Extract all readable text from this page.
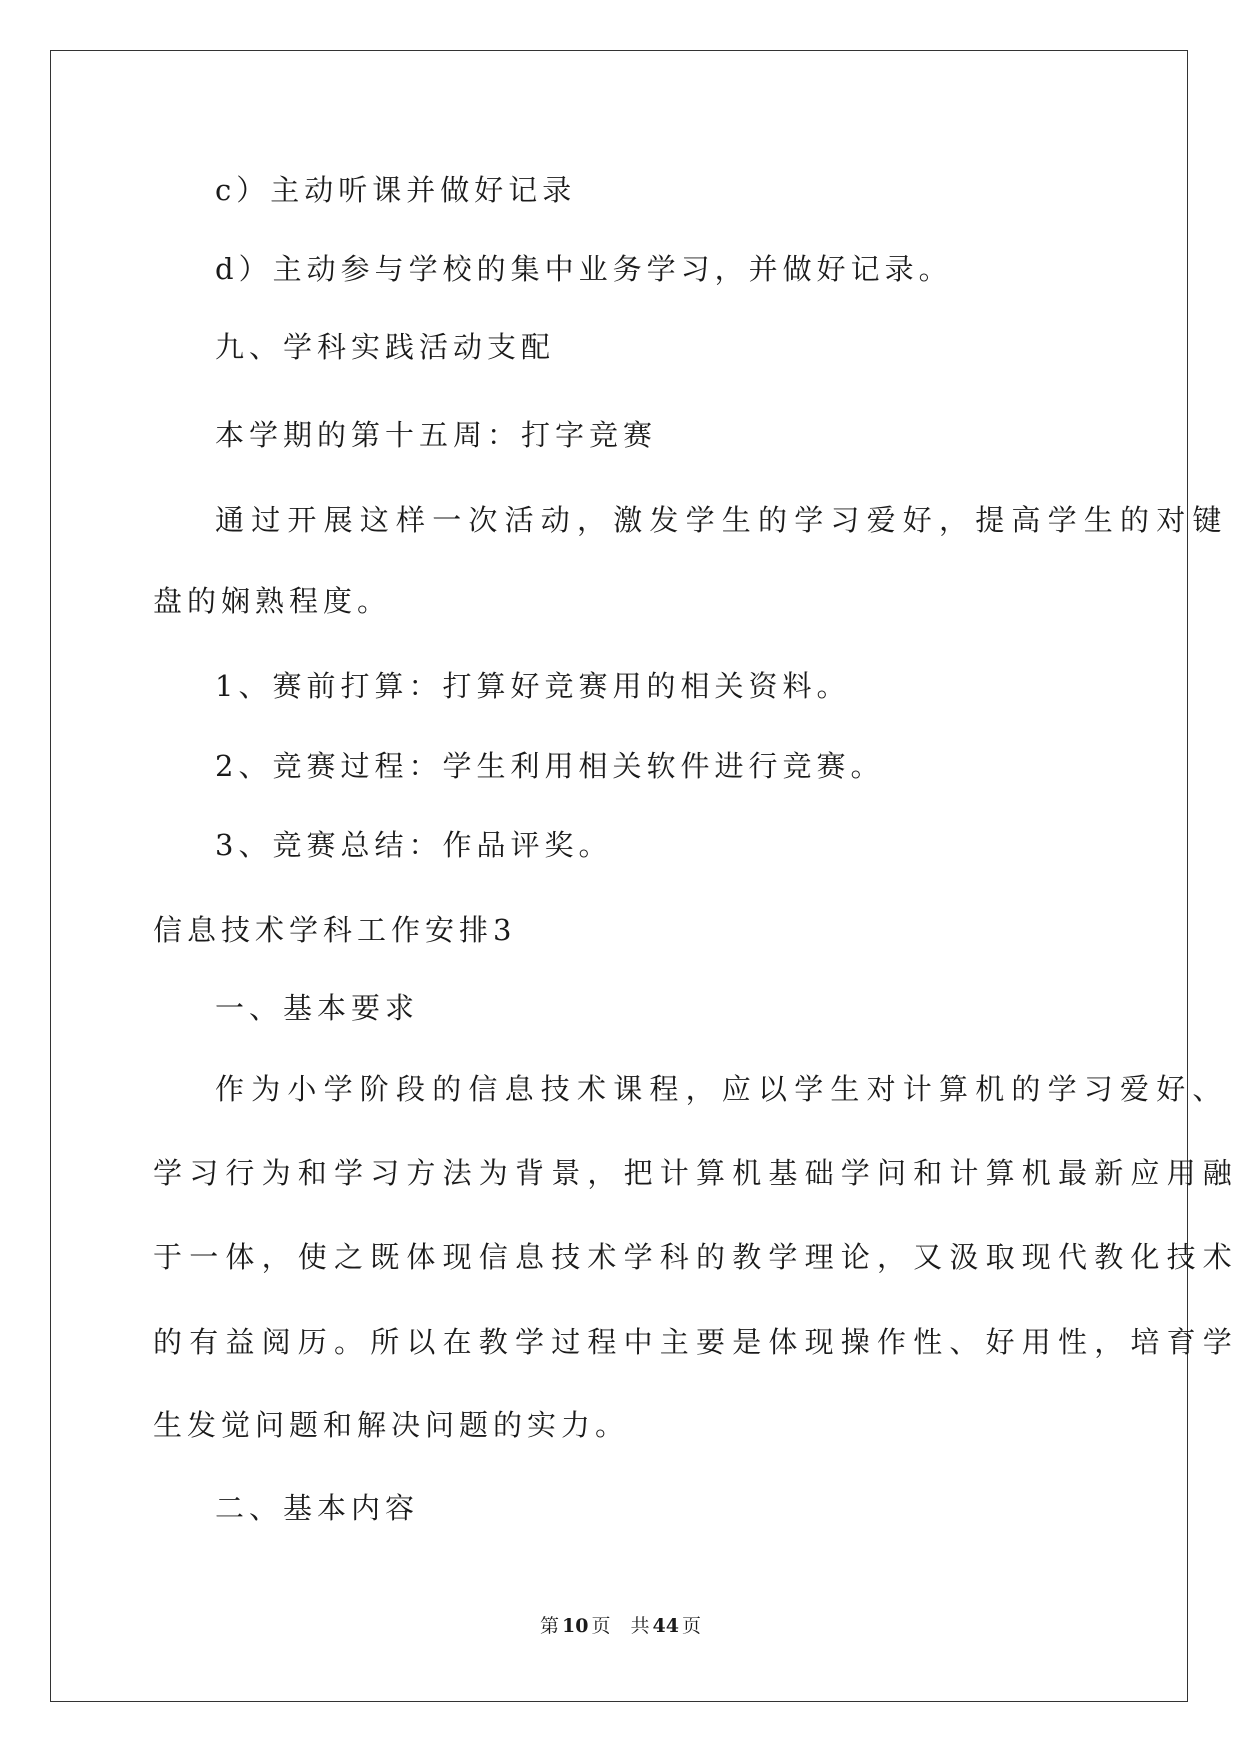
c）主动听课并做好记录
d）主动参与学校的集中业务学习，并做好记录。
九、学科实践活动支配
本学期的第十五周：打字竞赛
通过开展这样一次活动，激发学生的学习爱好，提高学生的对键
盘的娴熟程度。
1、赛前打算：打算好竞赛用的相关资料。
2、竞赛过程：学生利用相关软件进行竞赛。
3、竞赛总结：作品评奖。
信息技术学科工作安排3
一、基本要求
作为小学阶段的信息技术课程，应以学生对计算机的学习爱好、
学习行为和学习方法为背景，把计算机基础学问和计算机最新应用融
于一体，使之既体现信息技术学科的教学理论，又汲取现代教化技术
的有益阅历。所以在教学过程中主要是体现操作性、好用性，培育学
生发觉问题和解决问题的实力。
二、基本内容
第 10 页 共 44 页
